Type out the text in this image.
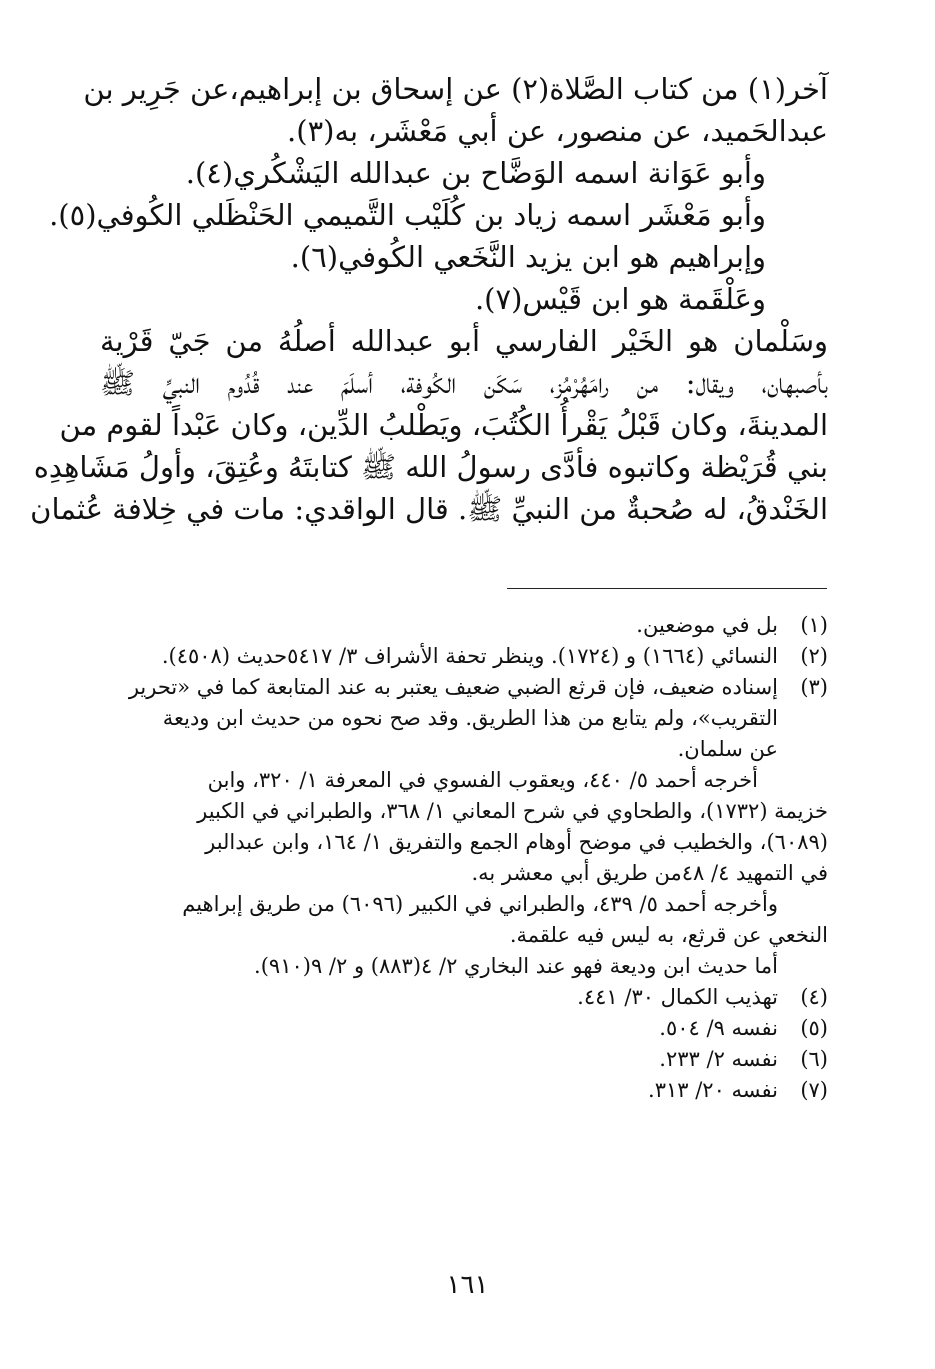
آخر(١) من كتاب الصَّلاة(٢) عن إسحاق بن إبراهيم،عن جَرِير بن
عبدالحَميد، عن منصور، عن أبي مَعْشَر، به(٣).
وأبو عَوَانة اسمه الوَضَّاح بن عبدالله اليَشْكُري(٤).
وأبو مَعْشَر اسمه زياد بن كُلَيْب التَّميمي الحَنْظَلي الكُوفي(٥).
وإبراهيم هو ابن يزيد النَّخَعي الكُوفي(٦).
وعَلْقَمة هو ابن قَيْس(٧).
وسَلْمان هو الخَيْر الفارسي أبو عبدالله أصلُهُ من جَيّ قَرْية
بأصبهان، ويقال: من رامَهُرْمُز، سَكَن الكُوفة، أسلَمَ عند قُدُوم النبيِّ ﷺ
المدينةَ، وكان قَبْلُ يَقْرأُ الكُتُبَ، ويَطْلبُ الدِّين، وكان عَبْداً لقوم من
بني قُرَيْظة وكاتبوه فأدَّى رسولُ الله ﷺ كتابتَهُ وعُتِقَ، وأولُ مَشَاهِدِه
الخَنْدقُ، له صُحبةٌ من النبيِّ ﷺ. قال الواقدي: مات في خِلافة عُثمان
(١)
بل في موضعين.
(٢)
النسائي (١٦٦٤) و (١٧٢٤). وينظر تحفة الأشراف ٣/ ٥٤١٧حديث (٤٥٠٨).
(٣)
إسناده ضعيف، فإن قرثع الضبي ضعيف يعتبر به عند المتابعة كما في «تحرير
التقريب»، ولم يتابع من هذا الطريق. وقد صح نحوه من حديث ابن وديعة
عن سلمان.
أخرجه أحمد ٥/ ٤٤٠، ويعقوب الفسوي في المعرفة ١/ ٣٢٠، وابن
خزيمة (١٧٣٢)، والطحاوي في شرح المعاني ١/ ٣٦٨، والطبراني في الكبير
(٦٠٨٩)، والخطيب في موضح أوهام الجمع والتفريق ١/ ١٦٤، وابن عبدالبر
في التمهيد ٤/ ٤٨من طريق أبي معشر به.
وأخرجه أحمد ٥/ ٤٣٩، والطبراني في الكبير (٦٠٩٦) من طريق إبراهيم
النخعي عن قرثع، به ليس فيه علقمة.
أما حديث ابن وديعة فهو عند البخاري ٢/ ٤(٨٨٣) و ٢/ ٩(٩١٠).
(٤)
تهذيب الكمال ٣٠/ ٤٤١.
(٥)
نفسه ٩/ ٥٠٤.
(٦)
نفسه ٢/ ٢٣٣.
(٧)
نفسه ٢٠/ ٣١٣.
١٦١
